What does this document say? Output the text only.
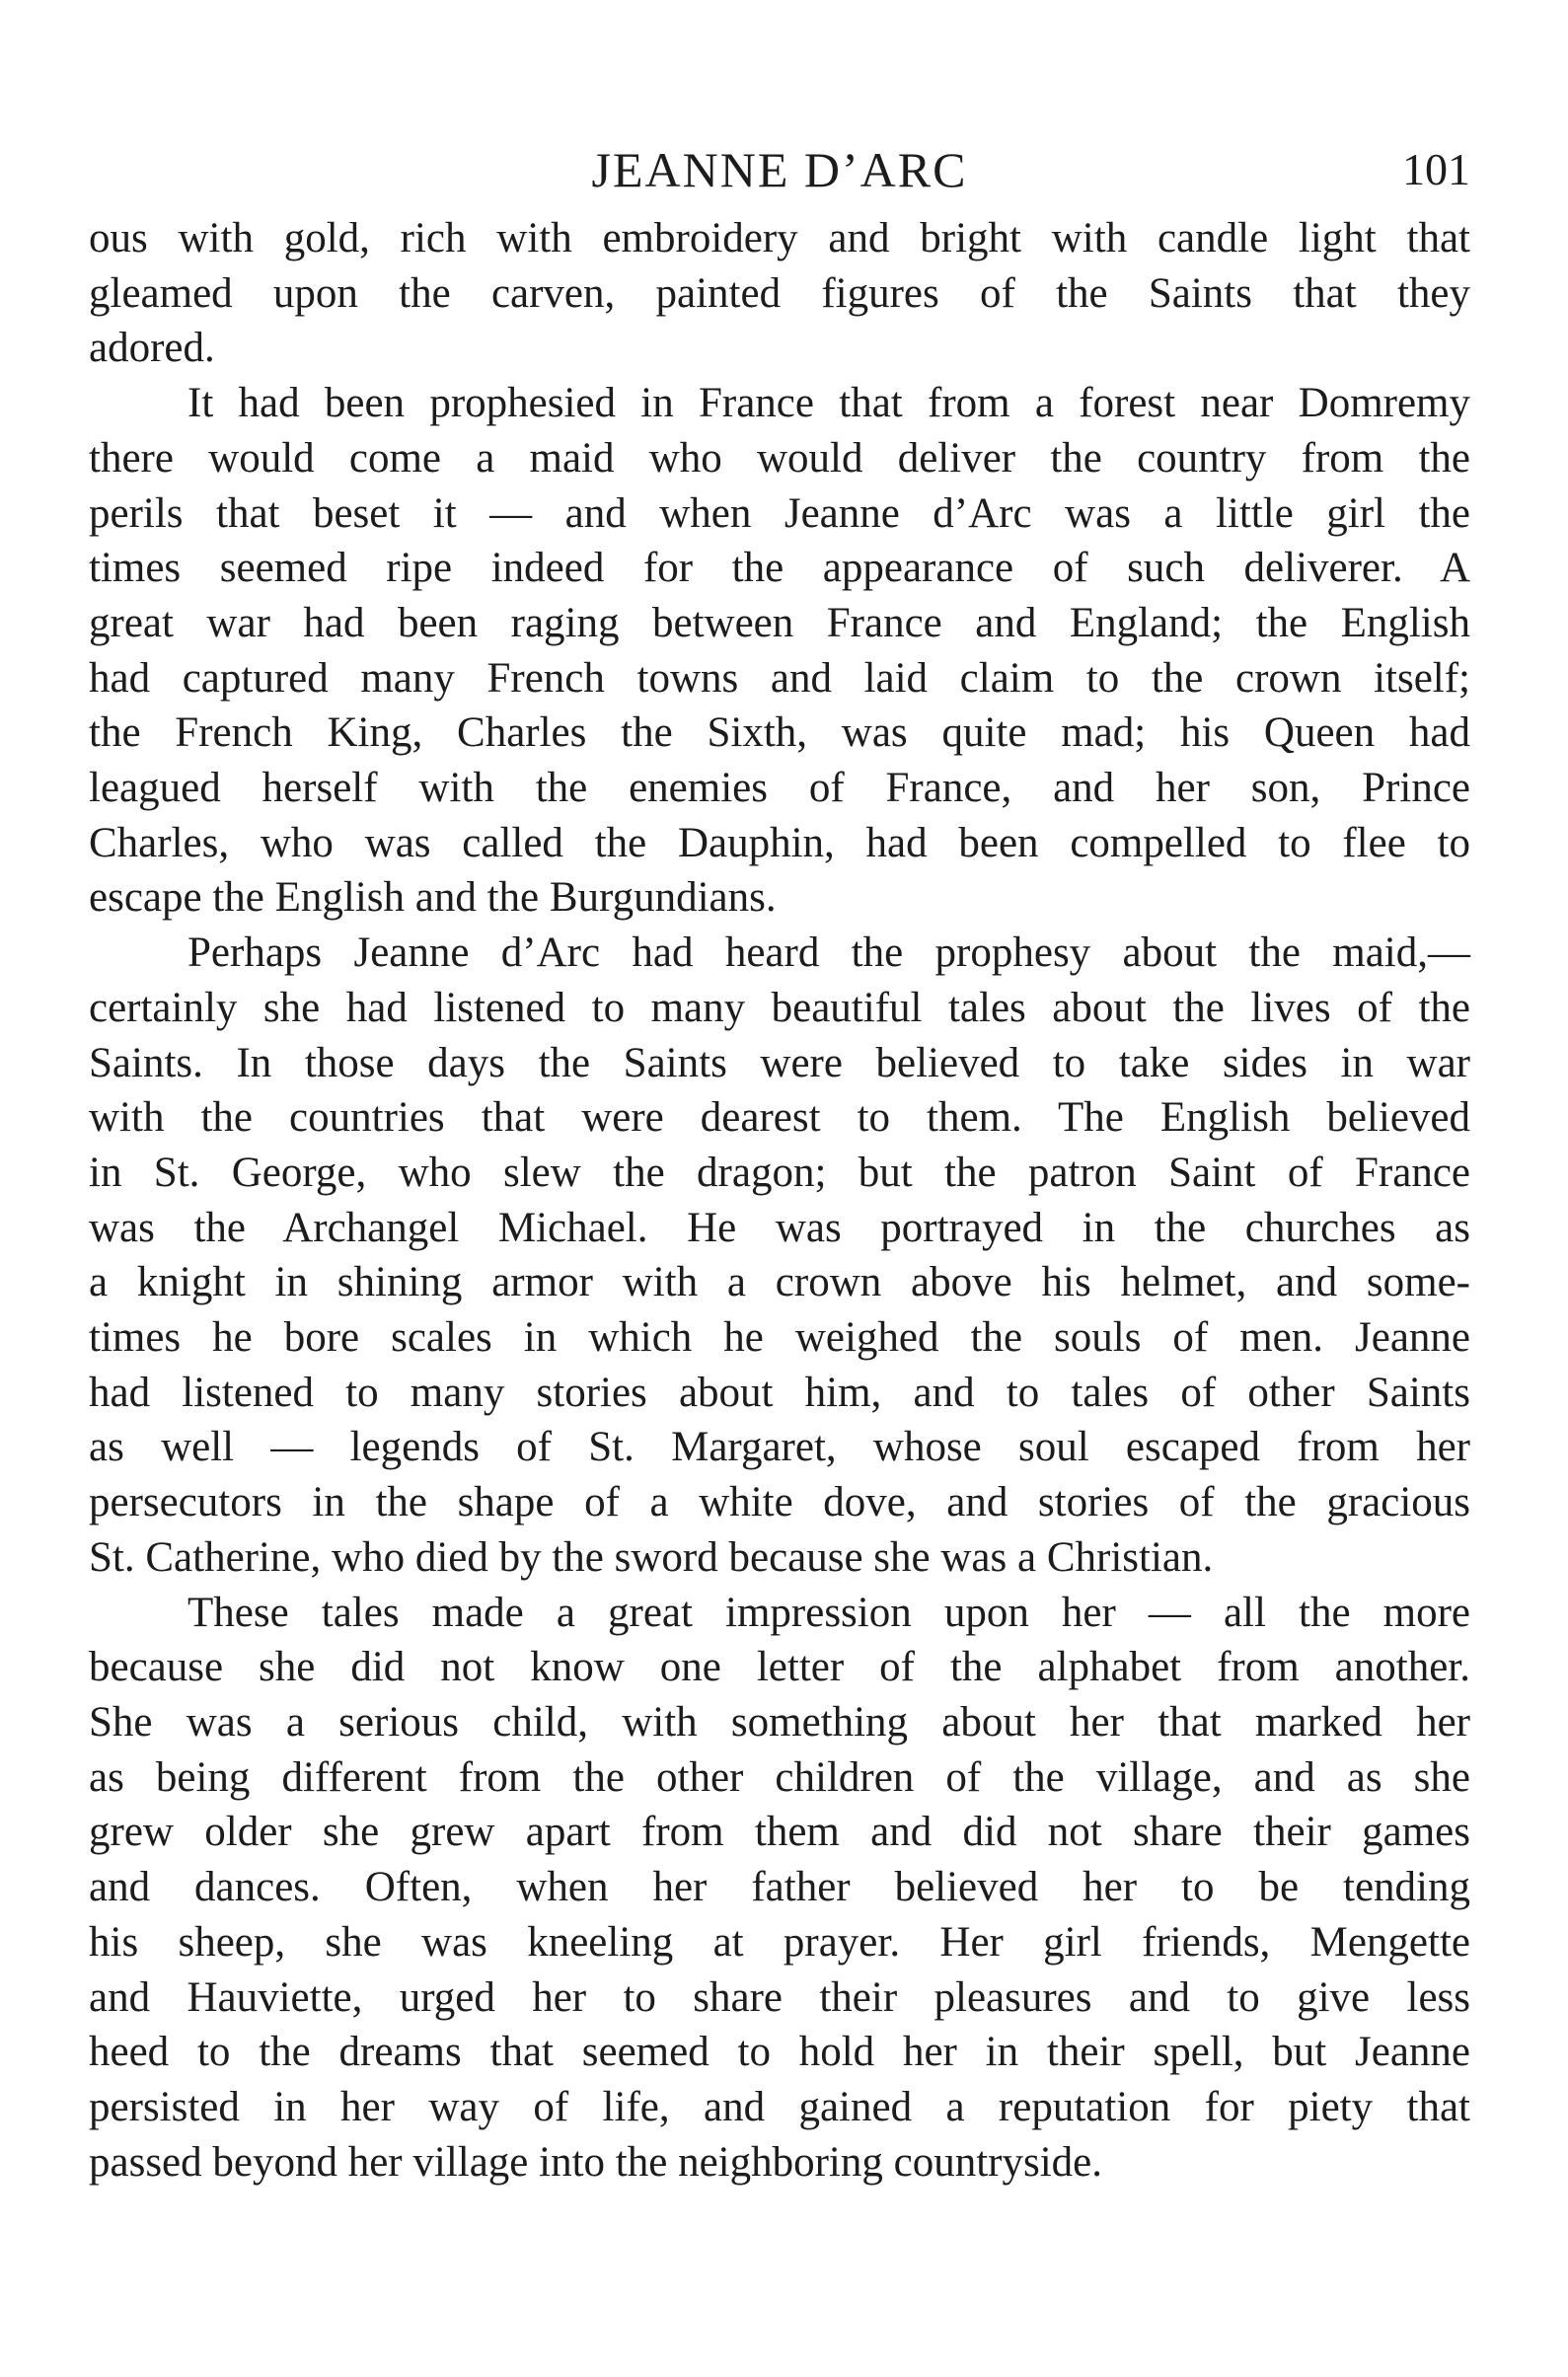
JEANNE D’ARC	101
ous with gold, rich with embroidery and bright with candle light that
gleamed upon the carven, painted figures of the Saints that they
adored.
It had been prophesied in France that from a forest near Domremy
there would come a maid who would deliver the country from the
perils that beset it — and when Jeanne d’Arc was a little girl the
times seemed ripe indeed for the appearance of such deliverer. A
great war had been raging between France and England; the English
had captured many French towns and laid claim to the crown itself;
the French King, Charles the Sixth, was quite mad; his Queen had
leagued herself with the enemies of France, and her son, Prince
Charles, who was called the Dauphin, had been compelled to flee to
escape the English and the Burgundians.
Perhaps Jeanne d’Arc had heard the prophesy about the maid,—
certainly she had listened to many beautiful tales about the lives of the
Saints. In those days the Saints were believed to take sides in war
with the countries that were dearest to them. The English believed
in St. George, who slew the dragon; but the patron Saint of France
was the Archangel Michael. He was portrayed in the churches as
a knight in shining armor with a crown above his helmet, and some-
times he bore scales in which he weighed the souls of men. Jeanne
had listened to many stories about him, and to tales of other Saints
as well — legends of St. Margaret, whose soul escaped from her
persecutors in the shape of a white dove, and stories of the gracious
St. Catherine, who died by the sword because she was a Christian.
These tales made a great impression upon her — all the more
because she did not know one letter of the alphabet from another.
She was a serious child, with something about her that marked her
as being different from the other children of the village, and as she
grew older she grew apart from them and did not share their games
and dances. Often, when her father believed her to be tending
his sheep, she was kneeling at prayer. Her girl friends, Mengette
and Hauviette, urged her to share their pleasures and to give less
heed to the dreams that seemed to hold her in their spell, but Jeanne
persisted in her way of life, and gained a reputation for piety that
passed beyond her village into the neighboring countryside.
